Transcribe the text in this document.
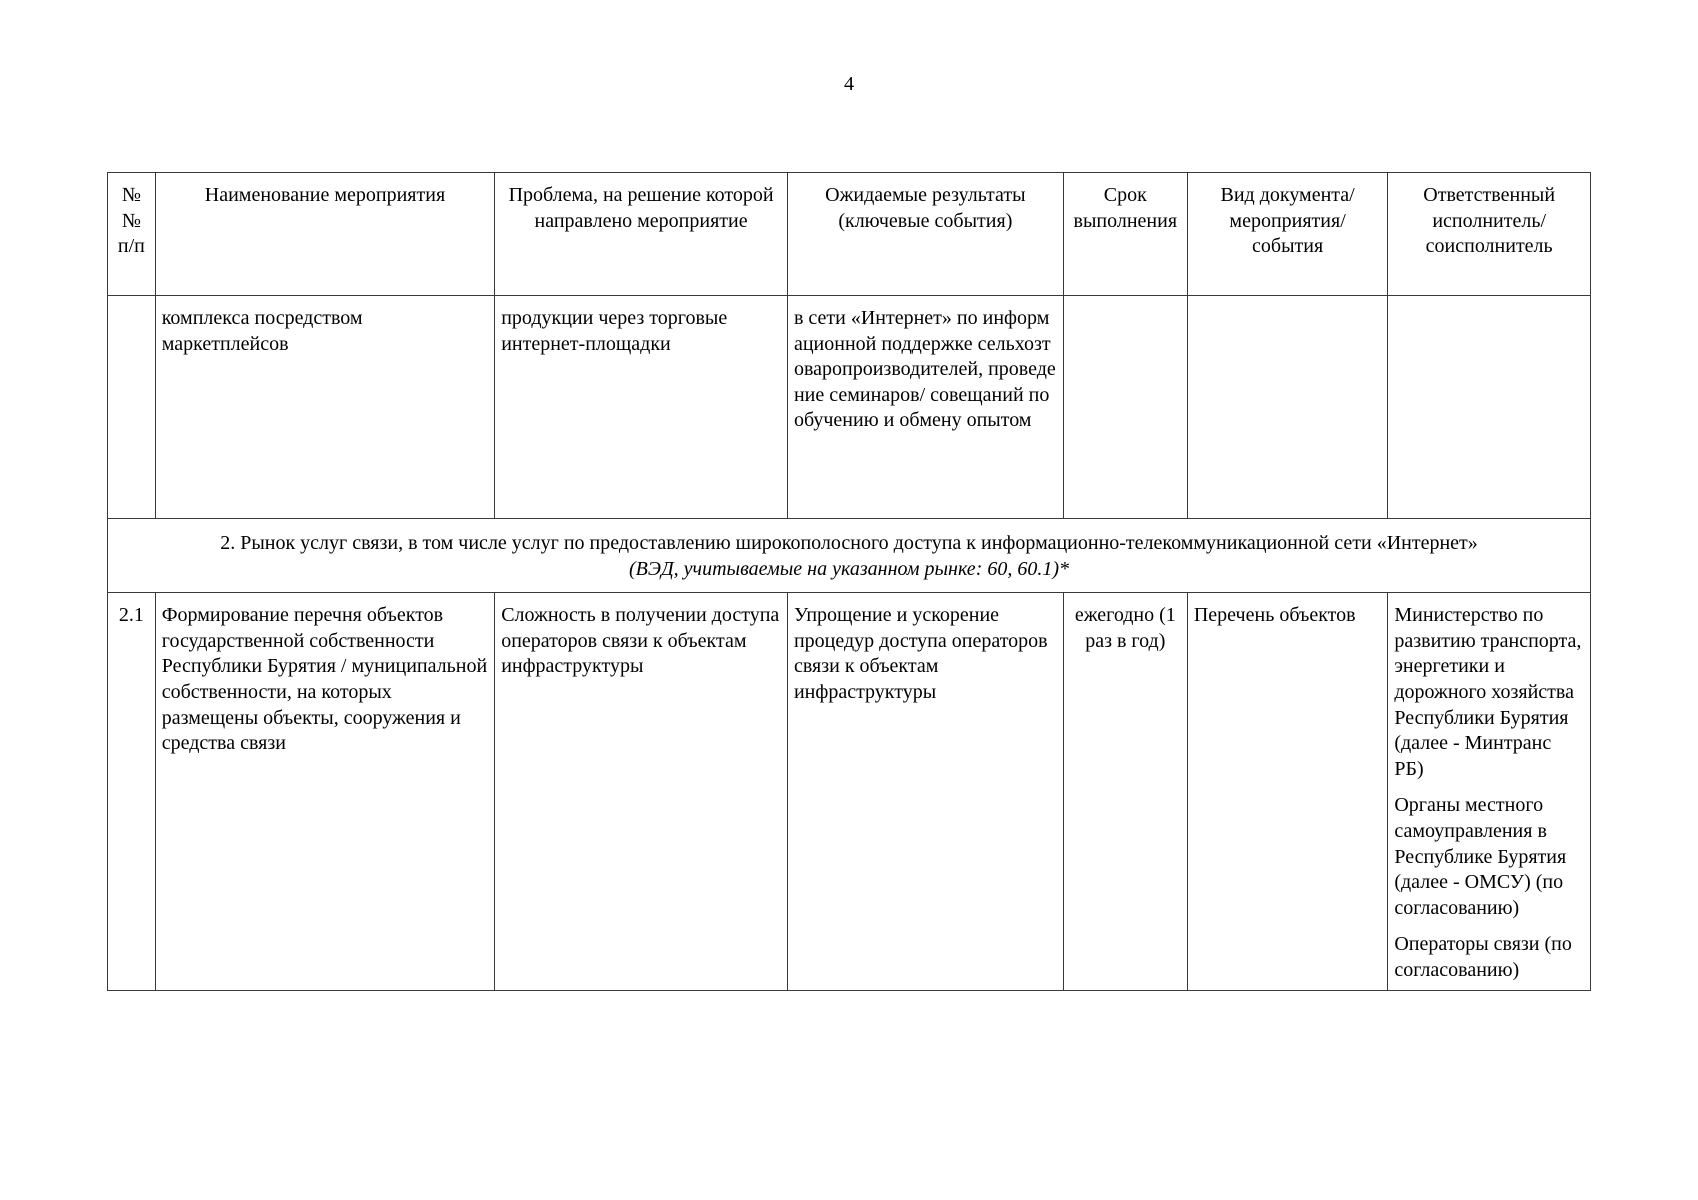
4
№№ п/п	Наименование мероприятия	Проблема, на решение которой направлено мероприятие	Ожидаемые результаты (ключевые события)	Срок выполнения	Вид документа/ мероприятия/ события	Ответственный исполнитель/ соисполнитель
	комплекса посредством маркетплейсов	продукции через торговые интернет-площадки	в сети «Интернет» по информационной поддержке сельхозтоваропроизводителей, проведение семинаров/ совещаний по обучению и обмену опытом			

2. Рынок услуг связи, в том числе услуг по предоставлению широкополосного доступа к информационно-телекоммуникационной сети «Интернет»
(ВЭД, учитываемые на указанном рынке: 60, 60.1)*						

2.1	Формирование перечня объектов государственной собственности Республики Бурятия / муниципальной собственности, на которых размещены объекты, сооружения и средства связи	Сложность в получении доступа операторов связи к объектам инфраструктуры	Упрощение и ускорение процедур доступа операторов связи к объектам инфраструктуры	ежегодно (1 раз в год)	Перечень объектов	Министерство по развитию транспорта, энергетики и дорожного хозяйства Республики Бурятия (далее - Минтранс РБ)
Органы местного самоуправления в Республике Бурятия (далее - ОМСУ) (по согласованию)
Операторы связи (по согласованию)
